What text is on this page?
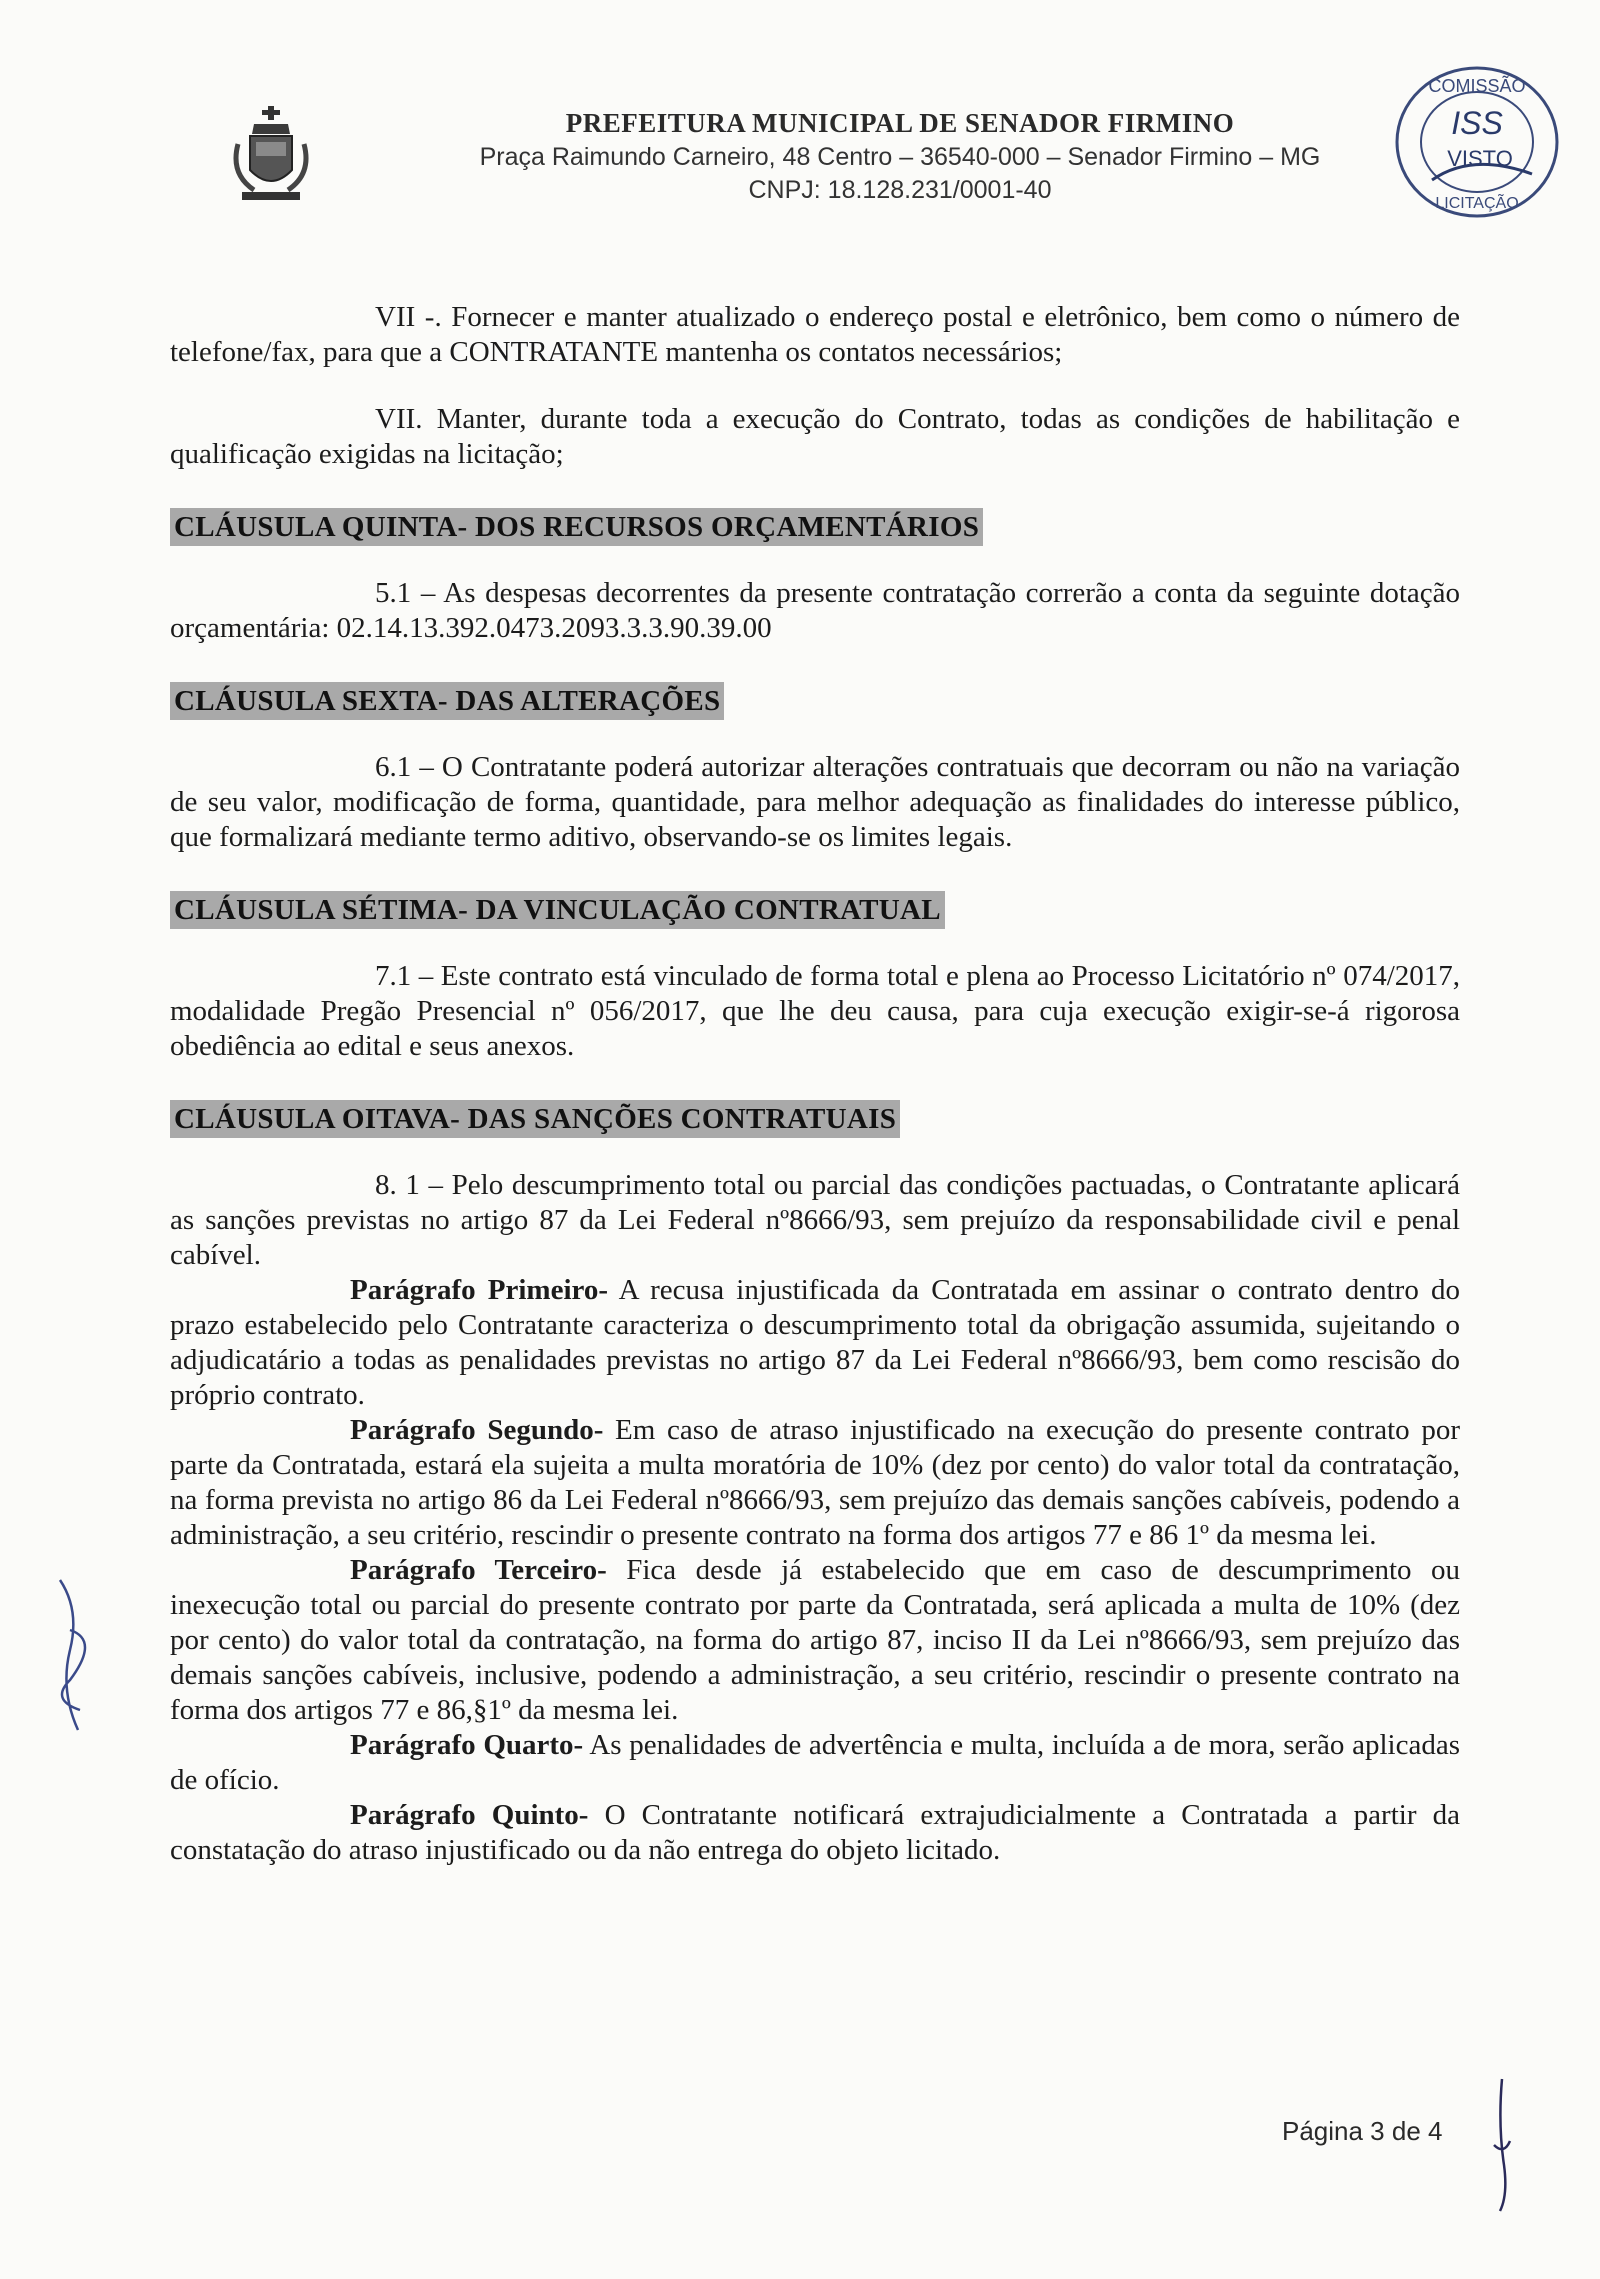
PREFEITURA MUNICIPAL DE SENADOR FIRMINO
Praça Raimundo Carneiro, 48 Centro – 36540-000 – Senador Firmino – MG
CNPJ: 18.128.231/0001-40
COMISSÃO
ISS
VISTO
LICITAÇÃO

VII -. Fornecer e manter atualizado o endereço postal e eletrônico, bem como o número de telefone/fax, para que a CONTRATANTE mantenha os contatos necessários;

VII. Manter, durante toda a execução do Contrato, todas as condições de habilitação e qualificação exigidas na licitação;

CLÁUSULA QUINTA- DOS RECURSOS ORÇAMENTÁRIOS

5.1 – As despesas decorrentes da presente contratação correrão a conta da seguinte dotação orçamentária: 02.14.13.392.0473.2093.3.3.90.39.00

CLÁUSULA SEXTA- DAS ALTERAÇÕES

6.1 – O Contratante poderá autorizar alterações contratuais que decorram ou não na variação de seu valor, modificação de forma, quantidade, para melhor adequação as finalidades do interesse público, que formalizará mediante termo aditivo, observando-se os limites legais.

CLÁUSULA SÉTIMA- DA VINCULAÇÃO CONTRATUAL

7.1 – Este contrato está vinculado de forma total e plena ao Processo Licitatório nº 074/2017, modalidade Pregão Presencial nº 056/2017, que lhe deu causa, para cuja execução exigir-se-á rigorosa obediência ao edital e seus anexos.

CLÁUSULA OITAVA- DAS SANÇÕES CONTRATUAIS

8. 1 – Pelo descumprimento total ou parcial das condições pactuadas, o Contratante aplicará as sanções previstas no artigo 87 da Lei Federal nº8666/93, sem prejuízo da responsabilidade civil e penal cabível.

Parágrafo Primeiro- A recusa injustificada da Contratada em assinar o contrato dentro do prazo estabelecido pelo Contratante caracteriza o descumprimento total da obrigação assumida, sujeitando o adjudicatário a todas as penalidades previstas no artigo 87 da Lei Federal nº8666/93, bem como rescisão do próprio contrato.

Parágrafo Segundo- Em caso de atraso injustificado na execução do presente contrato por parte da Contratada, estará ela sujeita a multa moratória de 10% (dez por cento) do valor total da contratação, na forma prevista no artigo 86 da Lei Federal nº8666/93, sem prejuízo das demais sanções cabíveis, podendo a administração, a seu critério, rescindir o presente contrato na forma dos artigos 77 e 86 1º da mesma lei.

Parágrafo Terceiro- Fica desde já estabelecido que em caso de descumprimento ou inexecução total ou parcial do presente contrato por parte da Contratada, será aplicada a multa de 10% (dez por cento) do valor total da contratação, na forma do artigo 87, inciso II da Lei nº8666/93, sem prejuízo das demais sanções cabíveis, inclusive, podendo a administração, a seu critério, rescindir o presente contrato na forma dos artigos 77 e 86,§1º da mesma lei.

Parágrafo Quarto- As penalidades de advertência e multa, incluída a de mora, serão aplicadas de ofício.

Parágrafo Quinto- O Contratante notificará extrajudicialmente a Contratada a partir da constatação do atraso injustificado ou da não entrega do objeto licitado.

Página 3 de 4
